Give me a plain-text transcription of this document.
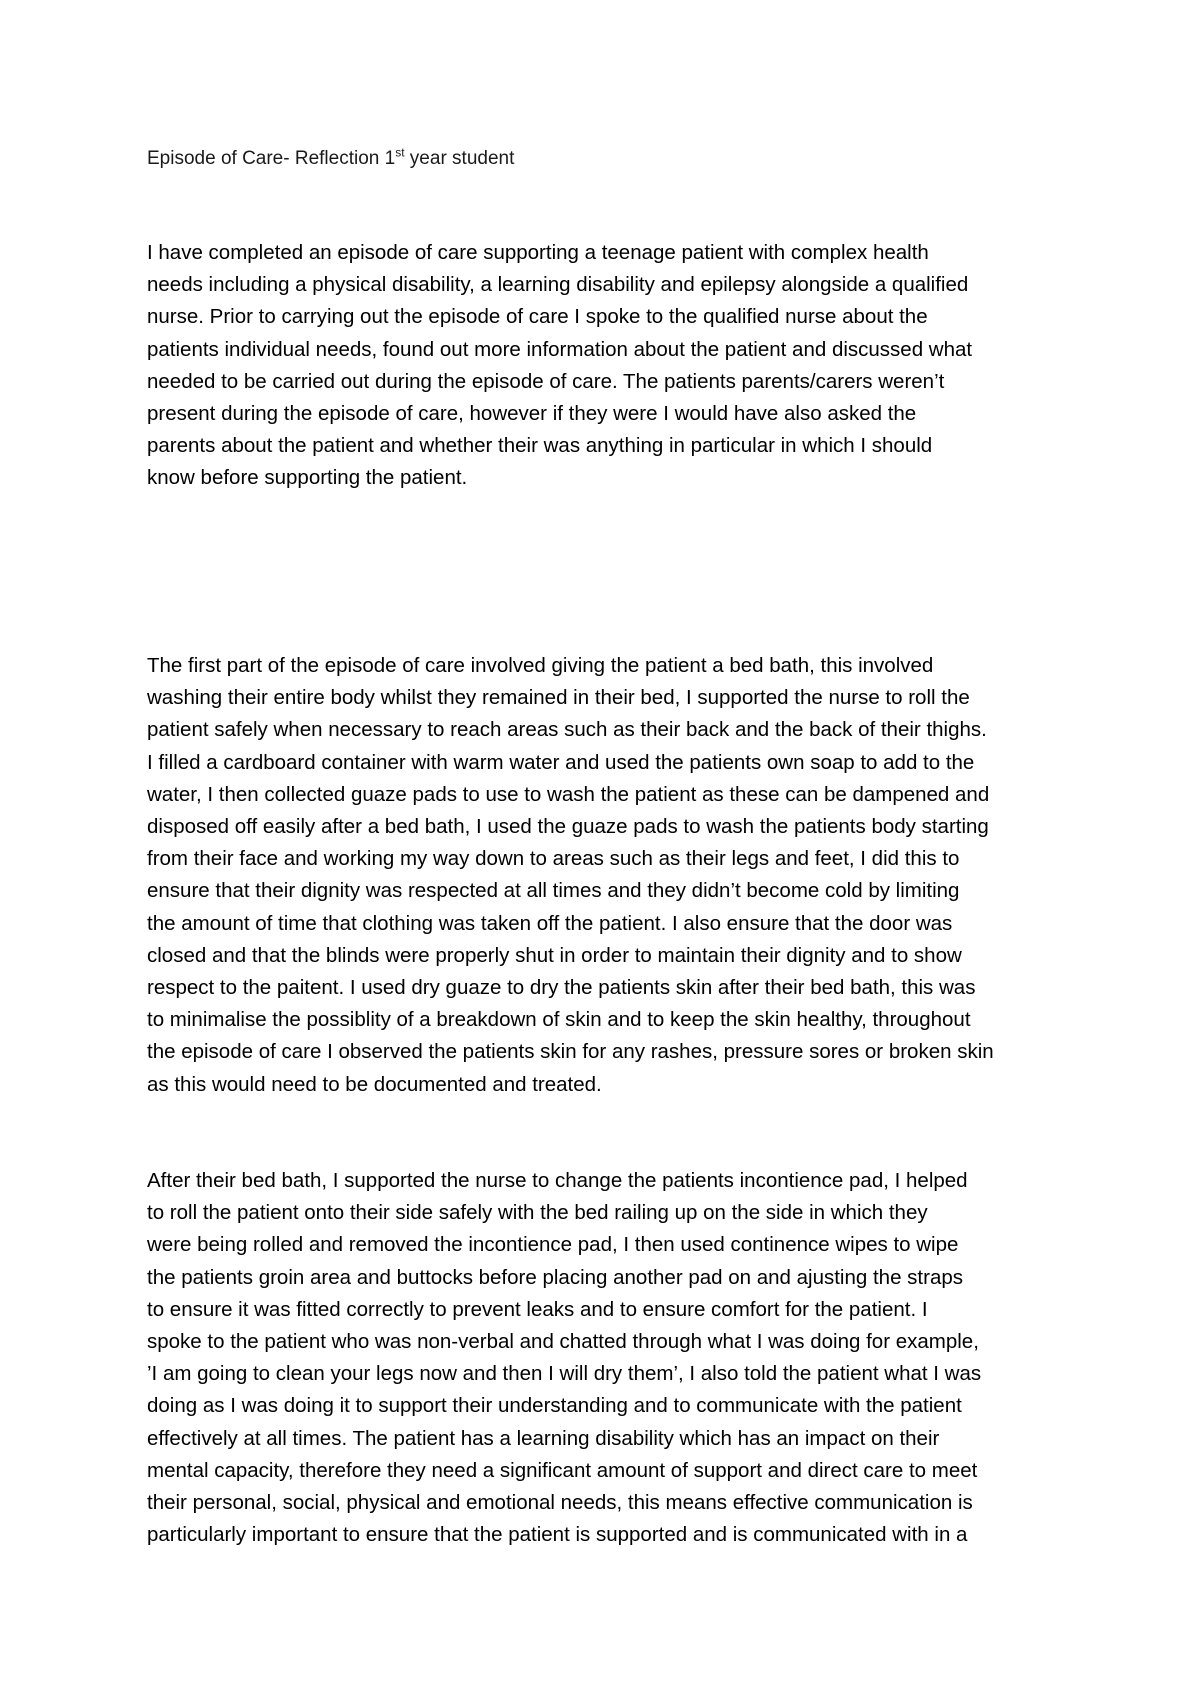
Episode of Care- Reflection 1st year student
I have completed an episode of care supporting a teenage patient with complex health
needs including a physical disability, a learning disability and epilepsy alongside a qualified
nurse. Prior to carrying out the episode of care I spoke to the qualified nurse about the
patients individual needs, found out more information about the patient and discussed what
needed to be carried out during the episode of care. The patients parents/carers weren’t
present during the episode of care, however if they were I would have also asked the
parents about the patient and whether their was anything in particular in which I should
know before supporting the patient.
The first part of the episode of care involved giving the patient a bed bath, this involved
washing their entire body whilst they remained in their bed, I supported the nurse to roll the
patient safely when necessary to reach areas such as their back and the back of their thighs.
I filled a cardboard container with warm water and used the patients own soap to add to the
water, I then collected guaze pads to use to wash the patient as these can be dampened and
disposed off easily after a bed bath, I used the guaze pads to wash the patients body starting
from their face and working my way down to areas such as their legs and feet, I did this to
ensure that their dignity was respected at all times and they didn’t become cold by limiting
the amount of time that clothing was taken off the patient. I also ensure that the door was
closed and that the blinds were properly shut in order to maintain their dignity and to show
respect to the paitent. I used dry guaze to dry the patients skin after their bed bath, this was
to minimalise the possiblity of a breakdown of skin and to keep the skin healthy, throughout
the episode of care I observed the patients skin for any rashes, pressure sores or broken skin
as this would need to be documented and treated.
After their bed bath, I supported the nurse to change the patients incontience pad, I helped
to roll the patient onto their side safely with the bed railing up on the side in which they
were being rolled and removed the incontience pad, I then used continence wipes to wipe
the patients groin area and buttocks before placing another pad on and ajusting the straps
to ensure it was fitted correctly to prevent leaks and to ensure comfort for the patient. I
spoke to the patient who was non-verbal and chatted through what I was doing for example,
’I am going to clean your legs now and then I will dry them’, I also told the patient what I was
doing as I was doing it to support their understanding and to communicate with the patient
effectively at all times. The patient has a learning disability which has an impact on their
mental capacity, therefore they need a significant amount of support and direct care to meet
their personal, social, physical and emotional needs, this means effective communication is
particularly important to ensure that the patient is supported and is communicated with in a
